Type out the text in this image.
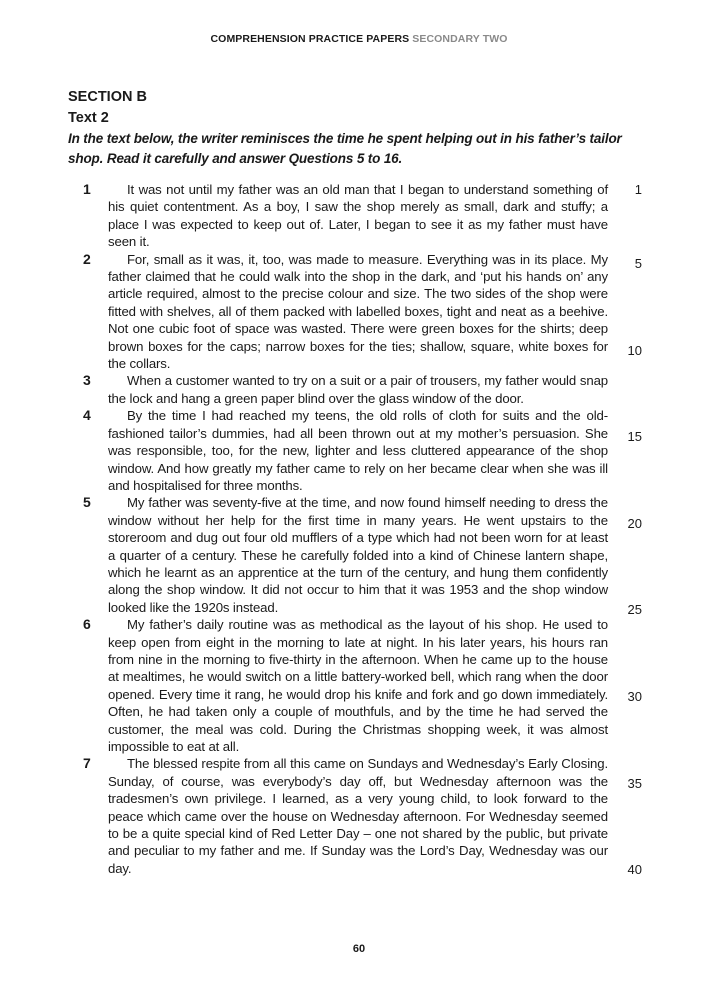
COMPREHENSION PRACTICE PAPERS SECONDARY TWO

SECTION B

Text 2

In the text below, the writer reminisces the time he spent helping out in his father’s tailor shop. Read it carefully and answer Questions 5 to 16.

1	It was not until my father was an old man that I began to understand something of his quiet contentment. As a boy, I saw the shop merely as small, dark and stuffy; a place I was expected to keep out of. Later, I began to see it as my father must have seen it.

2	For, small as it was, it, too, was made to measure. Everything was in its place. My father claimed that he could walk into the shop in the dark, and ‘put his hands on’ any article required, almost to the precise colour and size. The two sides of the shop were fitted with shelves, all of them packed with labelled boxes, tight and neat as a beehive. Not one cubic foot of space was wasted. There were green boxes for the shirts; deep brown boxes for the caps; narrow boxes for the ties; shallow, square, white boxes for the collars.

3	When a customer wanted to try on a suit or a pair of trousers, my father would snap the lock and hang a green paper blind over the glass window of the door.

4	By the time I had reached my teens, the old rolls of cloth for suits and the old-fashioned tailor’s dummies, had all been thrown out at my mother’s persuasion. She was responsible, too, for the new, lighter and less cluttered appearance of the shop window. And how greatly my father came to rely on her became clear when she was ill and hospitalised for three months.

5	My father was seventy-five at the time, and now found himself needing to dress the window without her help for the first time in many years. He went upstairs to the storeroom and dug out four old mufflers of a type which had not been worn for at least a quarter of a century. These he carefully folded into a kind of Chinese lantern shape, which he learnt as an apprentice at the turn of the century, and hung them confidently along the shop window. It did not occur to him that it was 1953 and the shop window looked like the 1920s instead.

6	My father’s daily routine was as methodical as the layout of his shop. He used to keep open from eight in the morning to late at night. In his later years, his hours ran from nine in the morning to five-thirty in the afternoon. When he came up to the house at mealtimes, he would switch on a little battery-worked bell, which rang when the door opened. Every time it rang, he would drop his knife and fork and go down immediately. Often, he had taken only a couple of mouthfuls, and by the time he had served the customer, the meal was cold. During the Christmas shopping week, it was almost impossible to eat at all.

7	The blessed respite from all this came on Sundays and Wednesday’s Early Closing. Sunday, of course, was everybody’s day off, but Wednesday afternoon was the tradesmen’s own privilege. I learned, as a very young child, to look forward to the peace which came over the house on Wednesday afternoon. For Wednesday seemed to be a quite special kind of Red Letter Day – one not shared by the public, but private and peculiar to my father and me. If Sunday was the Lord’s Day, Wednesday was our day.

1
5
10
15
20
25
30
35
40
60
